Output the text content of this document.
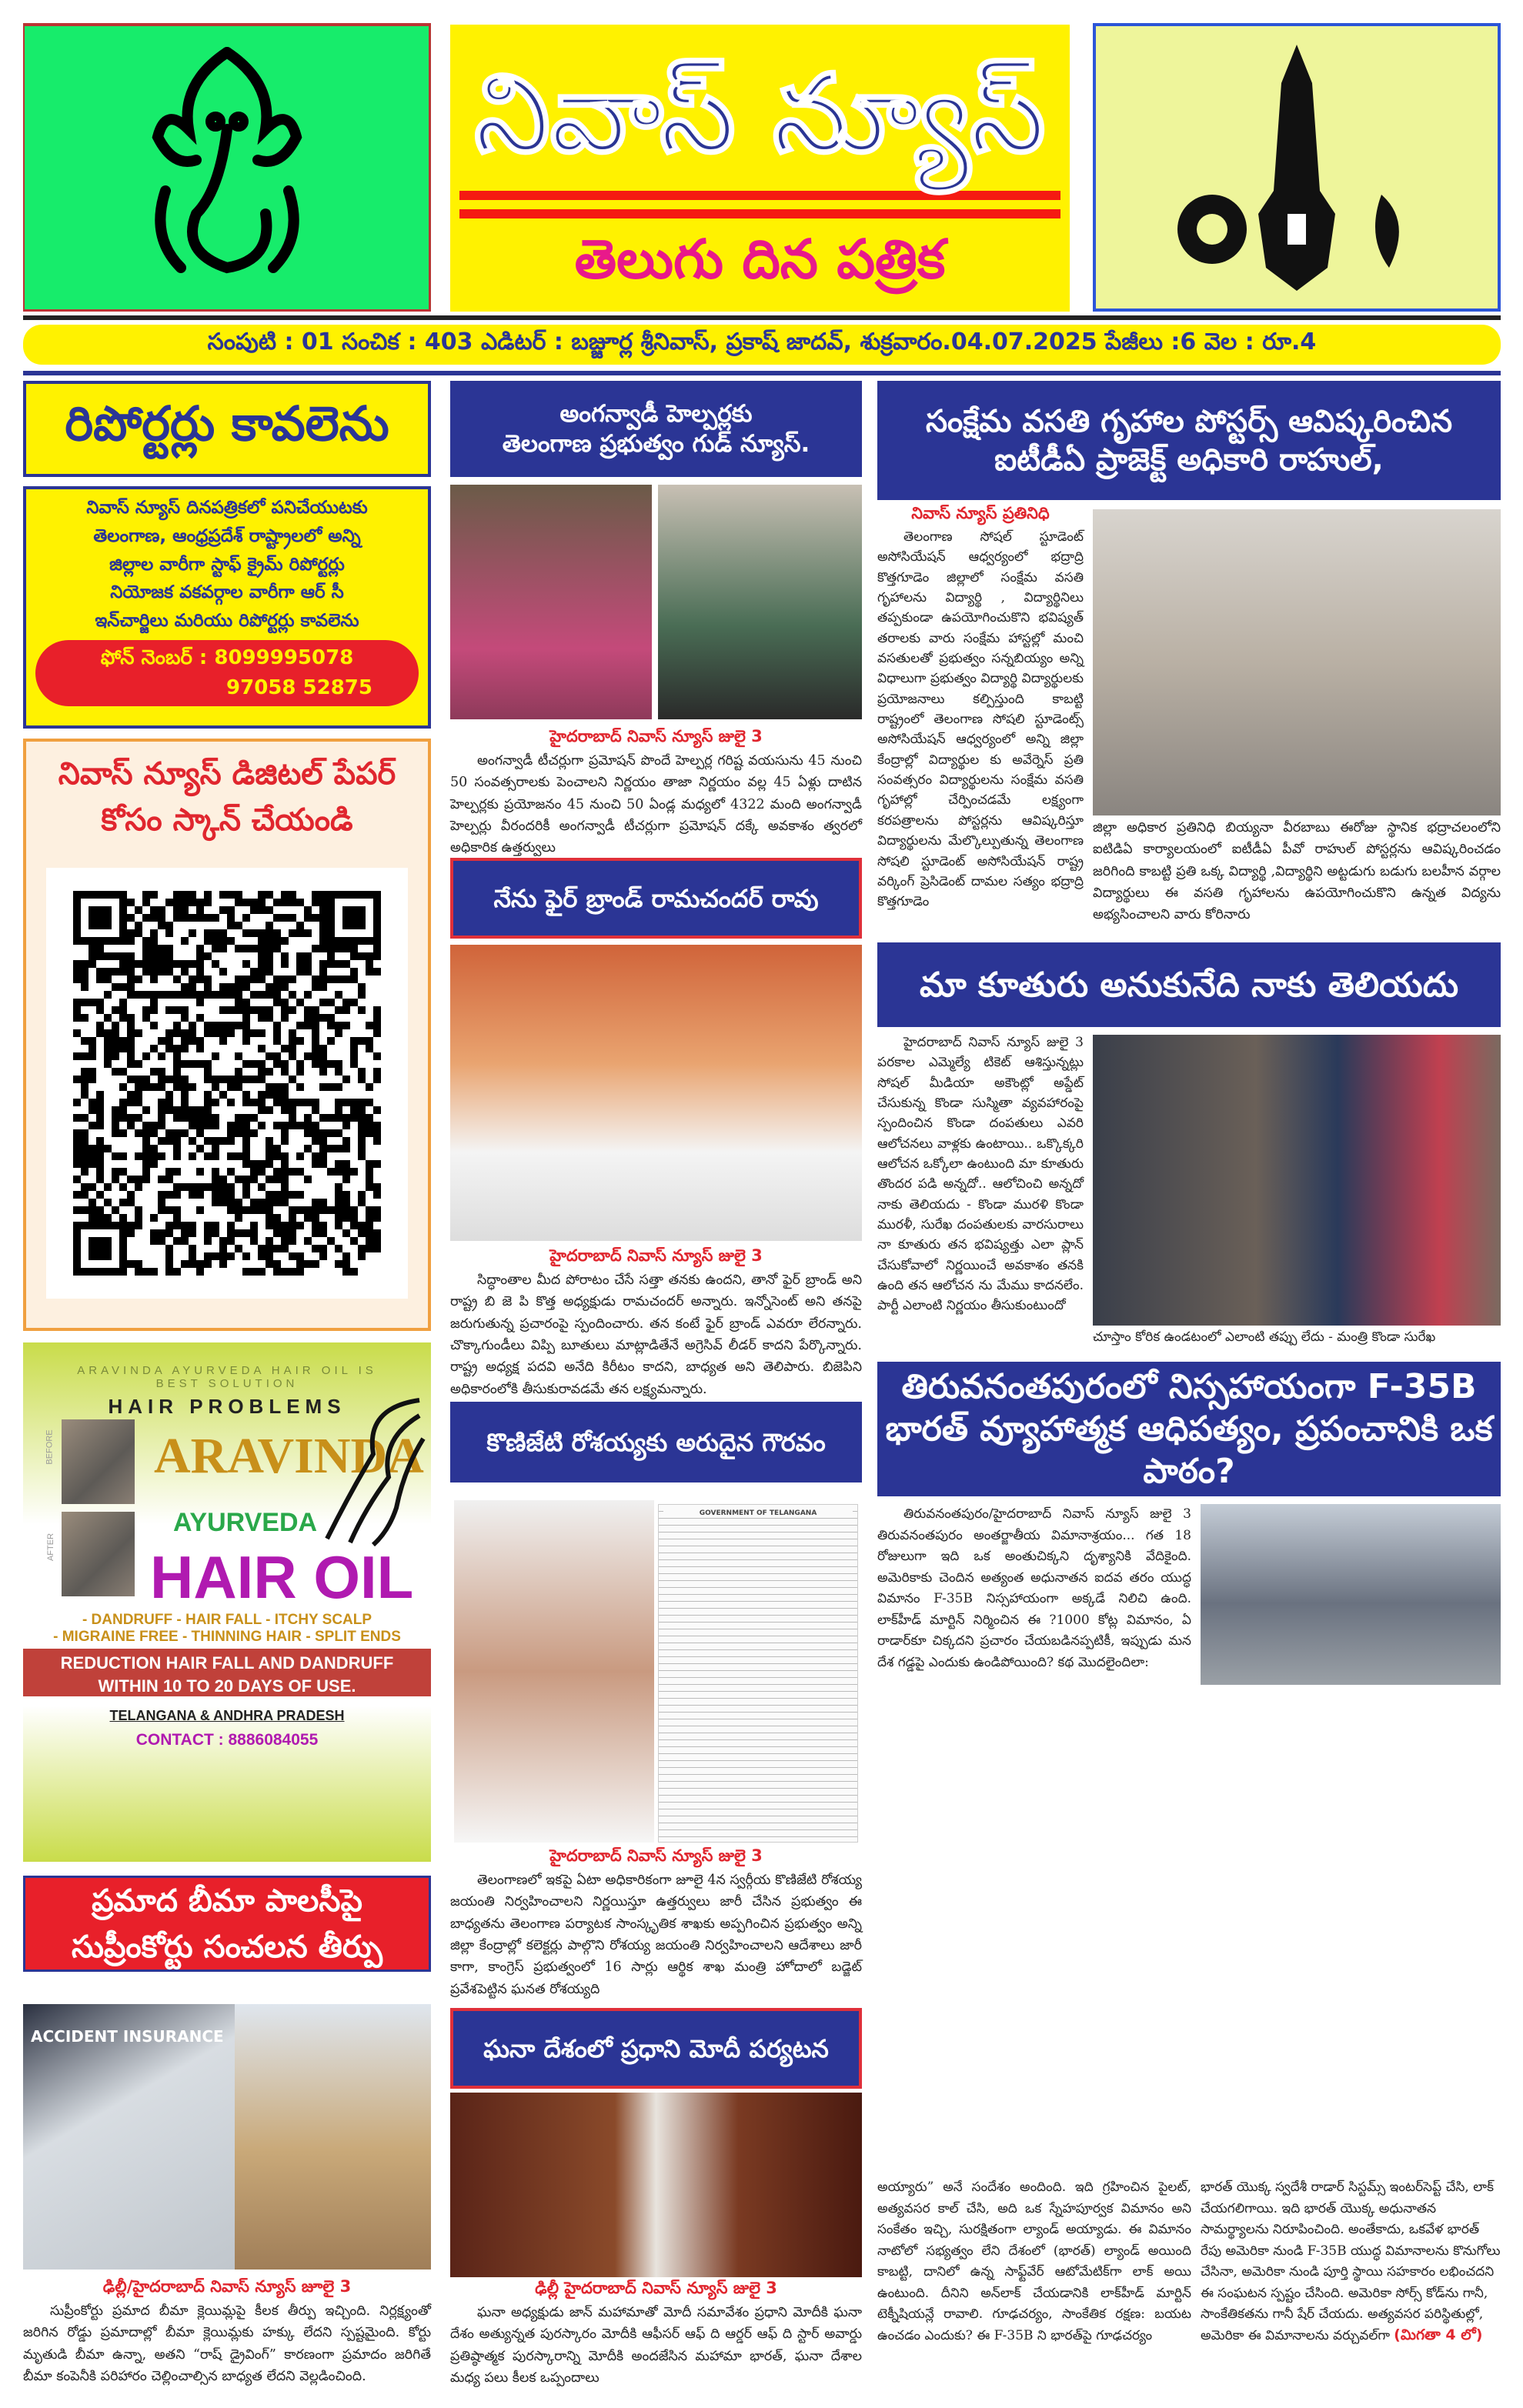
నివాస్ న్యూస్
తెలుగు దిన పత్రిక
సంపుటి : 01 సంచిక : 403 ఎడిటర్ : బజ్జూర్ల శ్రీనివాస్, ప్రకాష్ జాదవ్, శుక్రవారం.04.07.2025 పేజీలు :6 వెల : రూ.4
రిపోర్టర్లు కావలెను
నివాస్ న్యూస్ దినపత్రికలో పనిచేయుటకు
తెలంగాణ, ఆంధ్రప్రదేశ్ రాష్ట్రాలలో అన్ని
జిల్లాల వారీగా స్టాఫ్ క్రైమ్ రిపోర్టర్లు
నియోజక వకవర్గాల వారీగా ఆర్ సీ
ఇన్‌చార్జిలు మరియు రిపోర్టర్లు కావలెను
ఫోన్ నెంబర్ : 8099995078
97058 52875
నివాస్ న్యూస్ డిజిటల్ పేపర్ కోసం స్కాన్ చేయండి
ARAVINDA AYURVEDA HAIR OIL IS
BEST SOLUTION
HAIR PROBLEMS
BEFORE
AFTER
ARAVINDA
AYURVEDA
HAIR OIL
- DANDRUFF - HAIR FALL - ITCHY SCALP
- MIGRAINE FREE - THINNING HAIR - SPLIT ENDS
REDUCTION HAIR FALL AND DANDRUFF
WITHIN 10 TO 20 DAYS OF USE.
TELANGANA & ANDHRA PRADESH
CONTACT : 8886084055
ప్రమాద బీమా పాలసీపై
సుప్రీంకోర్టు సంచలన తీర్పు
ACCIDENT INSURANCE
ఢిల్లీ/హైదరాబాద్ నివాస్ న్యూస్ జూలై 3

సుప్రీంకోర్టు ప్రమాద బీమా క్లెయిమ్లపై కీలక తీర్పు ఇచ్చింది. నిర్లక్ష్యంతో జరిగిన రోడ్డు ప్రమాదాల్లో బీమా క్లెయిమ్లకు హక్కు లేదని స్పష్టమైంది. కోర్టు మృతుడి బీమా ఉన్నా, అతని “రాష్ డ్రైవింగ్” కారణంగా ప్రమాదం జరిగితే బీమా కంపెనీకి పరిహారం చెల్లించాల్సిన బాధ్యత లేదని వెల్లడించింది.

అంగన్వాడీ హెల్పర్లకు
తెలంగాణ ప్రభుత్వం గుడ్ న్యూస్.
హైదరాబాద్ నివాస్ న్యూస్ జులై 3

అంగన్వాడీ టీచర్లుగా ప్రమోషన్ పొందే హెల్పర్ల గరిష్ట వయసును 45 నుంచి 50 సంవత్సరాలకు పెంచాలని నిర్ణయం తాజా నిర్ణయం వల్ల 45 ఏళ్లు దాటిన హెల్పర్లకు ప్రయోజనం 45 నుంచి 50 ఏండ్ల మధ్యలో 4322 మంది అంగన్వాడీ హెల్పర్లు వీరందరికీ అంగన్వాడీ టీచర్లుగా ప్రమోషన్ దక్కే అవకాశం త్వరలో అధికారిక ఉత్తర్వులు

నేను ఫైర్ బ్రాండ్ రామచందర్ రావు
హైదరాబాద్ నివాస్ న్యూస్ జులై 3

సిద్ధాంతాల మీద పోరాటం చేసే సత్తా తనకు ఉందని, తానో ఫైర్ బ్రాండ్ అని రాష్ట్ర బి జె పి కొత్త అధ్యక్షుడు రామచందర్ అన్నారు. ఇన్నోసెంట్ అని తనపై జరుగుతున్న ప్రచారంపై స్పందించారు. తన కంటే ఫైర్ బ్రాండ్ ఎవరూ లేరన్నారు. చొక్కాగుండీలు విప్పి బూతులు మాట్లాడితేనే అగ్రెసివ్ లీడర్ కాదని పేర్కొన్నారు. రాష్ట్ర అధ్యక్ష పదవి అనేది కిరీటం కాదని, బాధ్యత అని తెలిపారు. బిజెపిని అధికారంలోకి తీసుకురావడమే తన లక్ష్యమన్నారు.

కొణిజేటి రోశయ్యకు అరుదైన గౌరవం
GOVERNMENT OF TELANGANA
హైదరాబాద్ నివాస్ న్యూస్ జులై 3

తెలంగాణలో ఇకపై ఏటా అధికారికంగా జూలై 4న స్వర్గీయ కొణిజేటి రోశయ్య జయంతి నిర్వహించాలని నిర్ణయిస్తూ ఉత్తర్వులు జారీ చేసిన ప్రభుత్వం ఈ బాధ్యతను తెలంగాణ పర్యాటక సాంస్కృతిక శాఖకు అప్పగించిన ప్రభుత్వం అన్ని జిల్లా కేంద్రాల్లో కలెక్టర్లు పాల్గొని రోశయ్య జయంతి నిర్వహించాలని ఆదేశాలు జారీ కాగా, కాంగ్రెస్ ప్రభుత్వంలో 16 సార్లు ఆర్థిక శాఖ మంత్రి హోదాలో బడ్జెట్ ప్రవేశపెట్టిన ఘనత రోశయ్యది

ఘనా దేశంలో ప్రధాని మోదీ పర్యటన
ఢిల్లీ హైదరాబాద్ నివాస్ న్యూస్ జులై 3

ఘనా అధ్యక్షుడు జాన్ మహామాతో మోదీ సమావేశం ప్రధాని మోదీకి ఘనా దేశం అత్యున్నత పురస్కారం మోదీకి ఆఫీసర్ ఆఫ్ ది ఆర్డర్ ఆఫ్ ది స్టార్ అవార్డు ప్రతిష్ఠాత్మక పురస్కారాన్ని మోదీకి అందజేసిన మహామా భారత్, ఘనా దేశాల మధ్య పలు కీలక ఒప్పందాలు

సంక్షేమ వసతి గృహాల పోస్టర్స్ ఆవిష్కరించిన
ఐటీడీఏ ప్రాజెక్ట్ అధికారి రాహుల్,
నివాస్ న్యూస్ ప్రతినిధి

తెలంగాణ సోషల్ స్టూడెంట్ అసోసియేషన్ ఆధ్వర్యంలో భద్రాద్రి కొత్తగూడెం జిల్లాలో సంక్షేమ వసతి గృహాలను విద్యార్థి , విద్యార్థినిలు తప్పకుండా ఉపయోగించుకొని భవిష్యత్ తరాలకు వారు సంక్షేమ హాస్టల్లో మంచి వసతులతో ప్రభుత్వం సన్నబియ్యం అన్ని విధాలుగా ప్రభుత్వం విద్యార్థి విద్యార్థులకు ప్రయోజనాలు కల్పిస్తుంది కాబట్టి రాష్ట్రంలో తెలంగాణ సోషలి స్టూడెంట్స్ అసోసియేషన్ ఆధ్వర్యంలో అన్ని జిల్లా కేంద్రాల్లో విద్యార్థుల కు అవేర్నెస్ ప్రతి సంవత్సరం విద్యార్థులను సంక్షేమ వసతి గృహాల్లో చేర్పించడమే లక్ష్యంగా కరపత్రాలను పోస్టర్లను ఆవిష్కరిస్తూ విద్యార్థులను మేల్కొల్పుతున్న తెలంగాణ సోషలి స్టూడెంట్ అసోసియేషన్ రాష్ట్ర వర్కింగ్ ప్రెసిడెంట్ దామల సత్యం భద్రాద్రి కొత్తగూడెం

జిల్లా అధికార ప్రతినిధి బియ్యనా వీరబాబు ఈరోజు స్థానిక భద్రాచలంలోని ఐటిడిఏ కార్యాలయంలో ఐటీడీఏ పీవో రాహుల్ పోస్టర్లను ఆవిష్కరించడం జరిగింది కాబట్టి ప్రతి ఒక్క విద్యార్థి ,విద్యార్థిని అట్టడుగు బడుగు బలహీన వర్గాల విద్యార్థులు ఈ వసతి గృహాలను ఉపయోగించుకొని ఉన్నత విద్యను అభ్యసించాలని వారు కోరినారు

మా కూతురు అనుకునేది నాకు తెలియదు

హైదరాబాద్ నివాస్ న్యూస్ జులై 3 పరకాల ఎమ్మెల్యే టికెట్ ఆశిస్తున్నట్లు సోషల్ మీడియా అకౌంట్లో అప్డేట్ చేసుకున్న కొండా సుస్మితా వ్యవహారంపై స్పందించిన కొండా దంపతులు ఎవరి ఆలోచనలు వాళ్లకు ఉంటాయి.. ఒక్కొక్కరి ఆలోచన ఒక్కోలా ఉంటుంది మా కూతురు తొందర పడి అన్నదో.. ఆలోచించి అన్నదో నాకు తెలియదు - కొండా మురళి కొండా మురళీ, సురేఖ దంపతులకు వారసురాలు నా కూతురు తన భవిష్యత్తు ఎలా ప్లాన్ చేసుకోవాలో నిర్ణయించే అవకాశం తనకి ఉంది తన ఆలోచన ను మేము కాదనలేం. పార్టీ ఎలాంటి నిర్ణయం తీసుకుంటుందో

చూస్తాం కోరిక ఉండటంలో ఎలాంటి తప్పు లేదు - మంత్రి కొండా సురేఖ
తిరువనంతపురంలో నిస్సహాయంగా F-35B
భారత్ వ్యూహాత్మక ఆధిపత్యం, ప్రపంచానికి ఒక పాఠం?

తిరువనంతపురం/హైదరాబాద్ నివాస్ న్యూస్ జులై 3 తిరువనంతపురం అంతర్జాతీయ విమానాశ్రయం... గత 18 రోజులుగా ఇది ఒక అంతుచిక్కని దృశ్యానికి వేదికైంది. అమెరికాకు చెందిన అత్యంత అధునాతన ఐదవ తరం యుద్ధ విమానం F-35B నిస్సహాయంగా అక్కడే నిలిచి ఉంది. లాక్‌హీడ్ మార్టిన్ నిర్మించిన ఈ ?1000 కోట్ల విమానం, ఏ రాడార్‌కూ చిక్కదని ప్రచారం చేయబడినప్పటికీ, ఇప్పుడు మన దేశ గడ్డపై ఎందుకు ఉండిపోయింది? కథ మొదలైందిలా:

అయ్యారు” అనే సందేశం అందింది. ఇది గ్రహించిన పైలట్, అత్యవసర కాల్ చేసి, అది ఒక స్నేహపూర్వక విమానం అని సంకేతం ఇచ్చి, సురక్షితంగా ల్యాండ్ అయ్యాడు. ఈ విమానం నాటోలో సభ్యత్వం లేని దేశంలో (భారత్) ల్యాండ్ అయింది కాబట్టి, దానిలో ఉన్న సాఫ్ట్‌వేర్ ఆటోమేటిక్‌గా లాక్ అయి ఉంటుంది. దీనిని అన్‌లాక్ చేయడానికి లాక్‌హీడ్ మార్టిన్ టెక్నీషియన్లే రావాలి. గూఢచర్యం, సాంకేతిక రక్షణ: బయట ఉంచడం ఎందుకు? ఈ F-35B ని భారత్‌పై గూఢచర్యం

భారత్ యొక్క స్వదేశీ రాడార్ సిస్టమ్స్ ఇంటర్‌సెప్ట్ చేసి, లాక్ చేయగలిగాయి. ఇది భారత్ యొక్క అధునాతన సామర్థ్యాలను నిరూపించింది. అంతేకాదు, ఒకవేళ భారత్ రేపు అమెరికా నుండి F-35B యుద్ధ విమానాలను కొనుగోలు చేసినా, అమెరికా నుండి పూర్తి స్థాయి సహకారం లభించదని ఈ సంఘటన స్పష్టం చేసింది. అమెరికా సోర్స్ కోడ్‌ను గానీ, సాంకేతికతను గానీ షేర్ చేయదు. అత్యవసర పరిస్థితుల్లో, అమెరికా ఈ విమానాలను వర్చువల్‌గా (మిగతా 4 లో)
